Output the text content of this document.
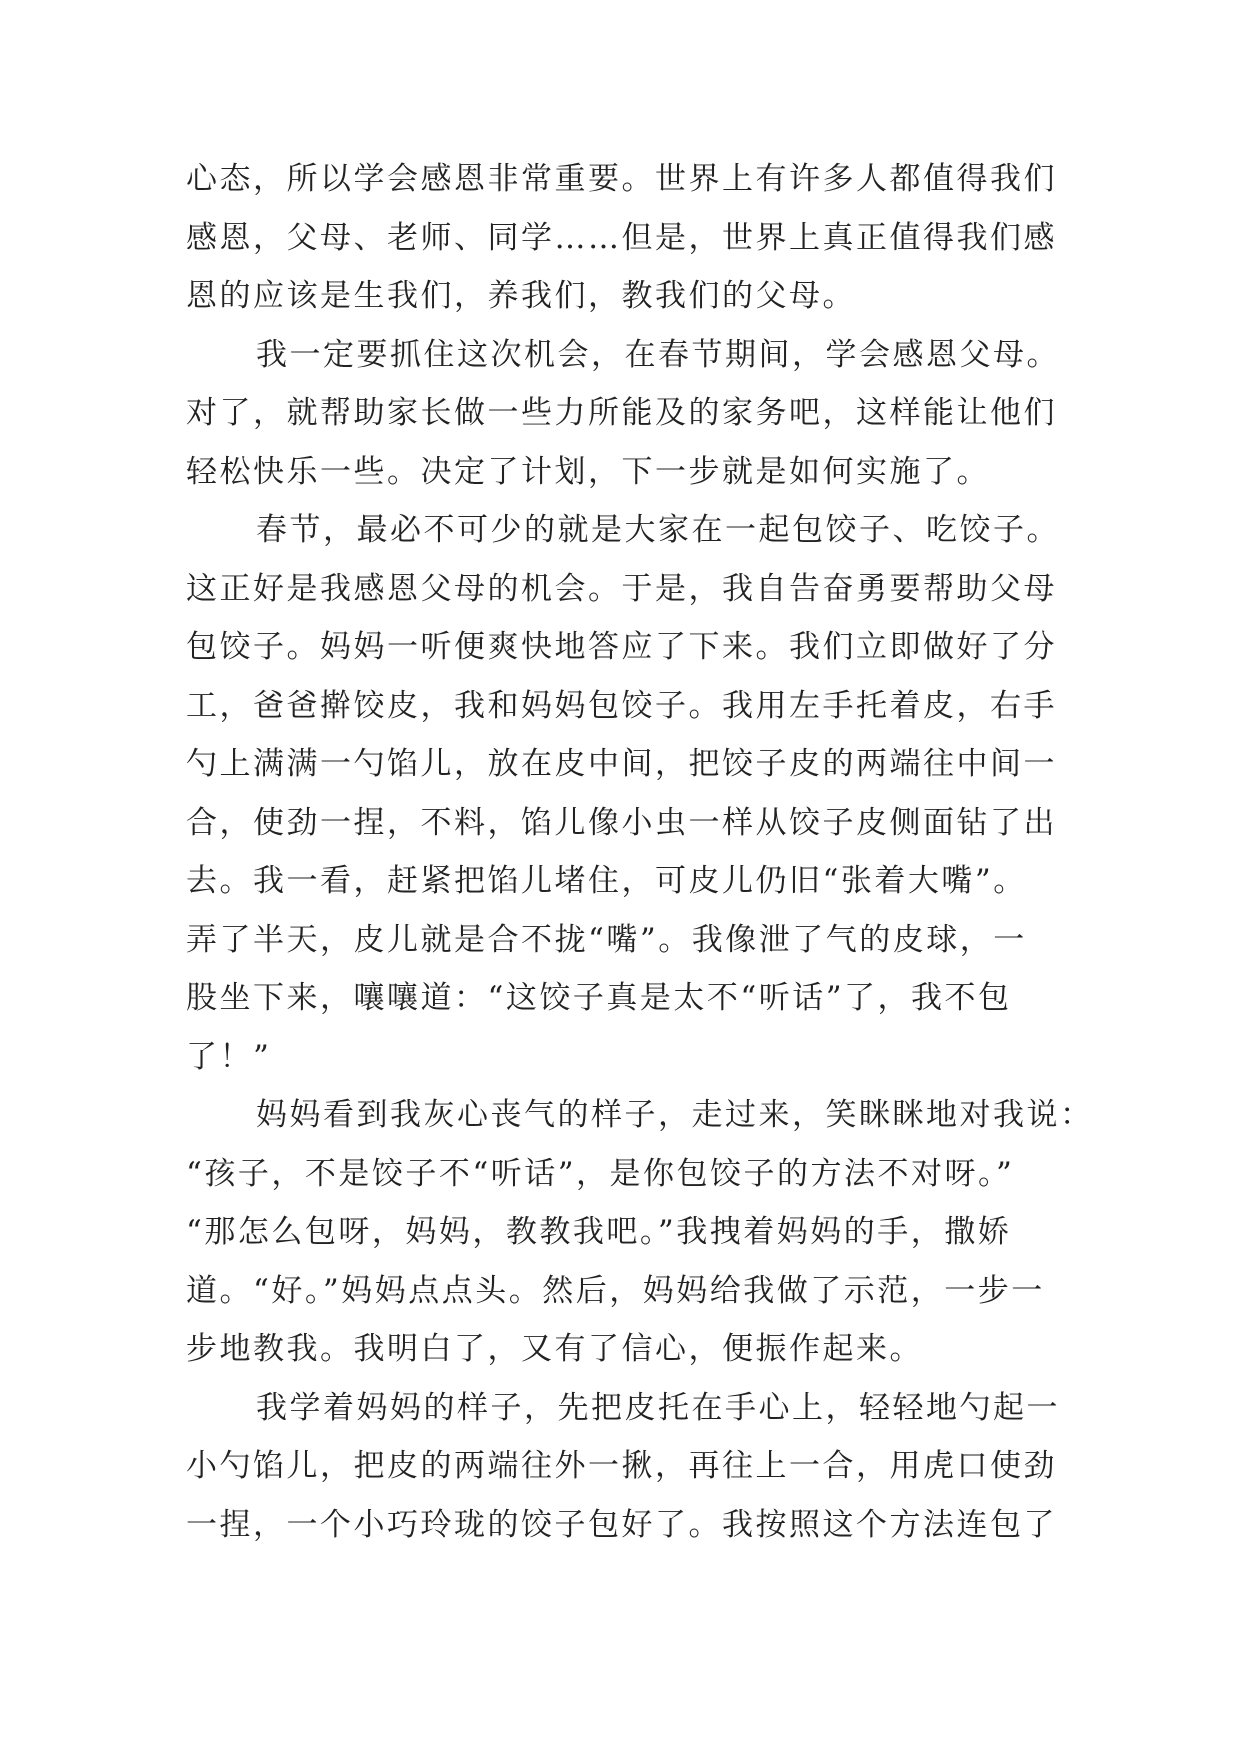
心态，所以学会感恩非常重要。世界上有许多人都值得我们
感恩，父母、老师、同学……但是，世界上真正值得我们感
恩的应该是生我们，养我们，教我们的父母。
我一定要抓住这次机会，在春节期间，学会感恩父母。
对了，就帮助家长做一些力所能及的家务吧，这样能让他们
轻松快乐一些。决定了计划，下一步就是如何实施了。
春节，最必不可少的就是大家在一起包饺子、吃饺子。
这正好是我感恩父母的机会。于是，我自告奋勇要帮助父母
包饺子。妈妈一听便爽快地答应了下来。我们立即做好了分
工，爸爸擀饺皮，我和妈妈包饺子。我用左手托着皮，右手
勺上满满一勺馅儿，放在皮中间，把饺子皮的两端往中间一
合，使劲一捏，不料，馅儿像小虫一样从饺子皮侧面钻了出
去。我一看，赶紧把馅儿堵住，可皮儿仍旧“张着大嘴”。
弄了半天，皮儿就是合不拢“嘴”。我像泄了气的皮球，一
股坐下来，嚷嚷道：“这饺子真是太不“听话”了，我不包
了！”
妈妈看到我灰心丧气的样子，走过来，笑眯眯地对我说：
“孩子，不是饺子不“听话”，是你包饺子的方法不对呀。”
“那怎么包呀，妈妈，教教我吧。”我拽着妈妈的手，撒娇
道。“好。”妈妈点点头。然后，妈妈给我做了示范，一步一
步地教我。我明白了，又有了信心，便振作起来。
我学着妈妈的样子，先把皮托在手心上，轻轻地勺起一
小勺馅儿，把皮的两端往外一揪，再往上一合，用虎口使劲
一捏，一个小巧玲珑的饺子包好了。我按照这个方法连包了
